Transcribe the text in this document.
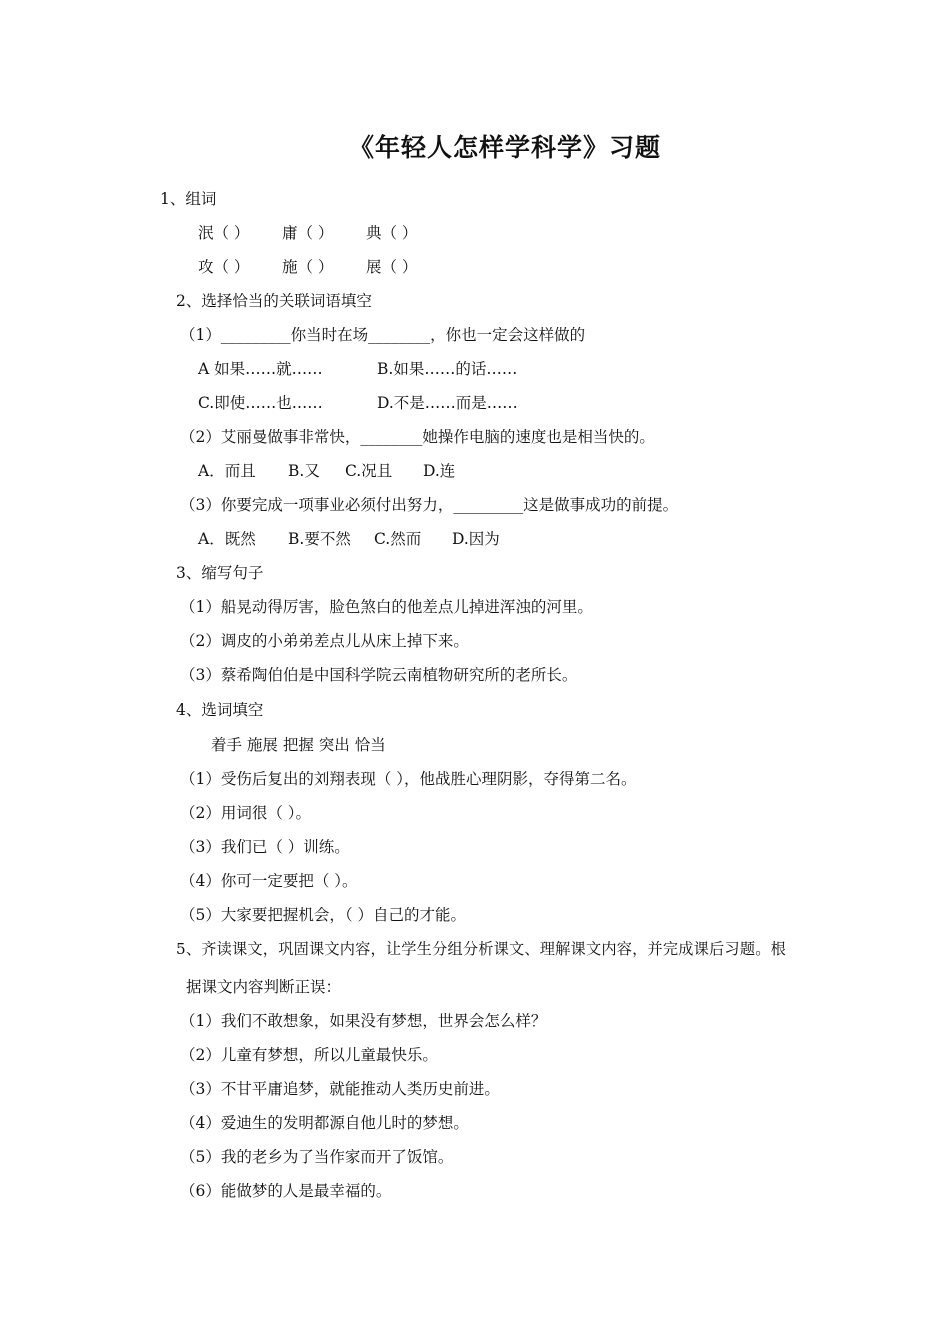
《年轻人怎样学科学》习题
1、组词
泯（ ） 庸（ ） 典（ ）
攻（ ） 施（ ） 展（ ）
2、选择恰当的关联词语填空
（1）_________你当时在场________，你也一定会这样做的
A 如果……就……	B.如果……的话……
C.即使……也……	D.不是……而是……
（2）艾丽曼做事非常快，________她操作电脑的速度也是相当快的。
A．而且 B.又 C.况且 D.连
（3）你要完成一项事业必须付出努力，_________这是做事成功的前提。
A．既然 B.要不然 C.然而 D.因为
3、缩写句子
（1）船晃动得厉害，脸色煞白的他差点儿掉进浑浊的河里。
（2）调皮的小弟弟差点儿从床上掉下来。
（3）蔡希陶伯伯是中国科学院云南植物研究所的老所长。
4、选词填空
着手 施展 把握 突出 恰当
（1）受伤后复出的刘翔表现（ ），他战胜心理阴影，夺得第二名。
（2）用词很（ ）。
（3）我们已（ ）训练。
（4）你可一定要把（ ）。
（5）大家要把握机会，（ ）自己的才能。
5、齐读课文，巩固课文内容，让学生分组分析课文、理解课文内容，并完成课后习题。根
据课文内容判断正误：
（1）我们不敢想象，如果没有梦想，世界会怎么样？
（2）儿童有梦想，所以儿童最快乐。
（3）不甘平庸追梦，就能推动人类历史前进。
（4）爱迪生的发明都源自他儿时的梦想。
（5）我的老乡为了当作家而开了饭馆。
（6）能做梦的人是最幸福的。
